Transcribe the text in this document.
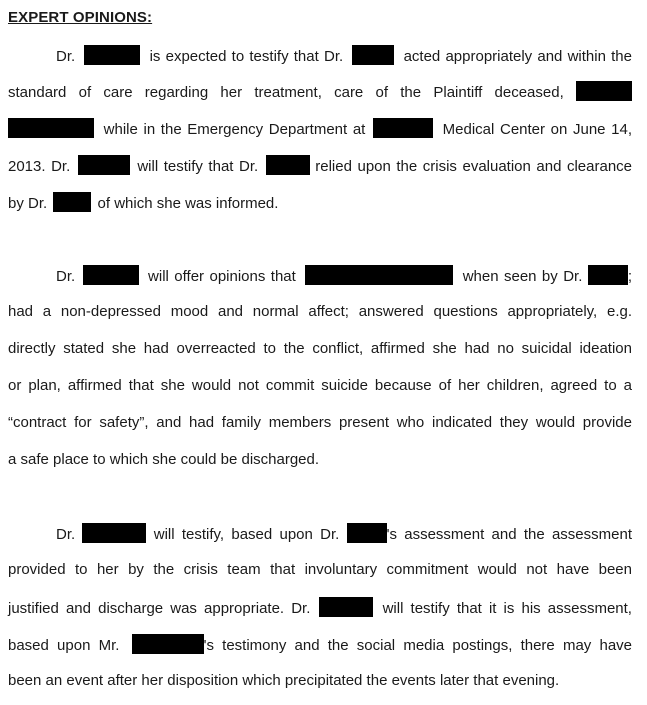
EXPERT OPINIONS:
Dr.	is expected to testify that Dr.	acted appropriately and within the
standard of care regarding her treatment, care of the Plaintiff deceased,
while in the Emergency Department at	Medical Center on June 14,
2013. Dr.	will testify that Dr.	relied upon the crisis evaluation and clearance
by Dr.	of which she was informed.
Dr.	will offer opinions that	when seen by Dr.	;
had a non-depressed mood and normal affect; answered questions appropriately, e.g.
directly stated she had overreacted to the conflict, affirmed she had no suicidal ideation
or plan, affirmed that she would not commit suicide because of her children, agreed to a
“contract for safety”, and had family members present who indicated they would provide
a safe place to which she could be discharged.
Dr.	will testify, based upon Dr.	's assessment and the assessment
provided to her by the crisis team that involuntary commitment would not have been
justified and discharge was appropriate. Dr.	will testify that it is his assessment,
based upon Mr.	's testimony and the social media postings, there may have
been an event after her disposition which precipitated the events later that evening.
